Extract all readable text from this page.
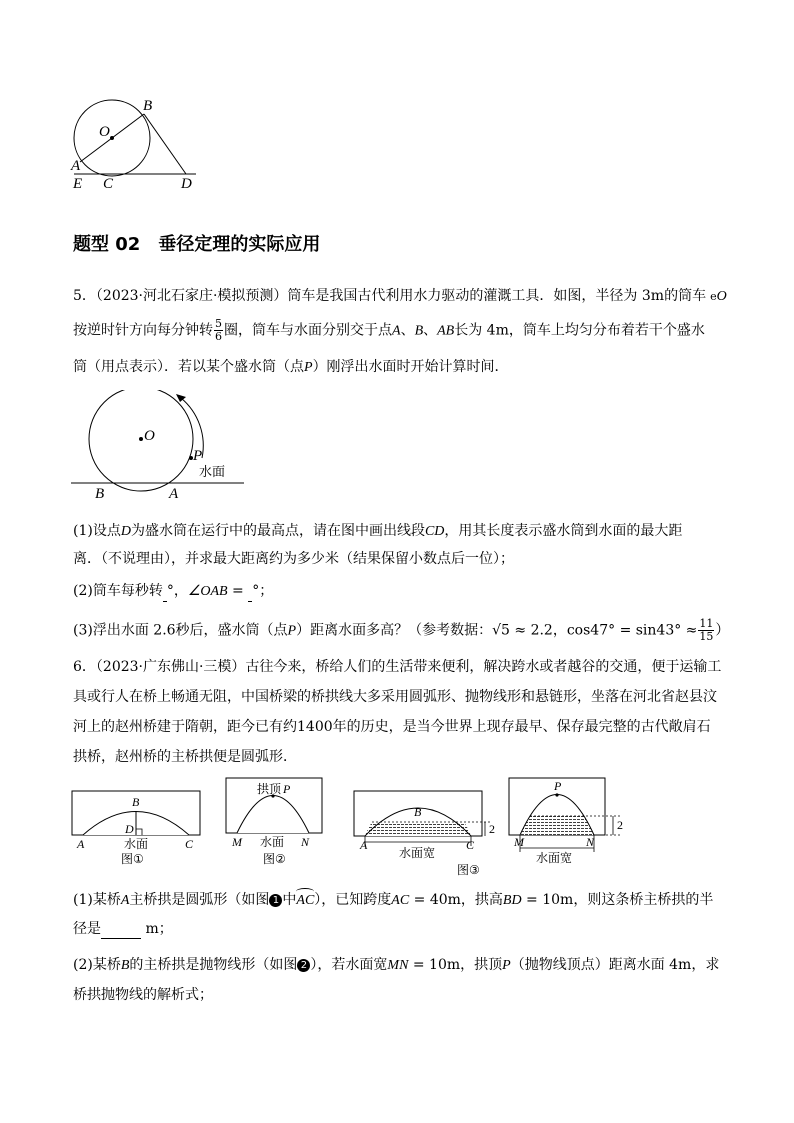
O
B
A
E C	D
题型 02 垂径定理的实际应用
5．（2023·河北石家庄·模拟预测）筒车是我国古代利用水力驱动的灌溉工具．如图，半径为 3m的筒车 eO
按逆时针方向每分钟转 $\frac{5}{6}$ 圈，筒车与水面分别交于点A、B、AB长为 4m，筒车上均匀分布着若干个盛水
筒（用点表示）．若以某个盛水筒（点P）刚浮出水面时开始计算时间．
O
P
水面
B	A
(1)设点D为盛水筒在运行中的最高点，请在图中画出线段CD，用其长度表示盛水筒到水面的最大距
离．（不说理由），并求最大距离约为多少米（结果保留小数点后一位）；
(2)筒车每秒转 °，∠OAB = °；
(3)浮出水面 2.6秒后，盛水筒（点P）距离水面多高？（参考数据：√5 ≈ 2.2，$\cos 47^\circ = \sin 43^\circ \approx \frac{11}{15}$ ）
6．（2023·广东佛山·三模）古往今来，桥给人们的生活带来便利，解决跨水或者越谷的交通，便于运输工
具或行人在桥上畅通无阻，中国桥梁的桥拱线大多采用圆弧形、抛物线形和悬链形，坐落在河北省赵县汶
河上的赵州桥建于隋朝，距今已有约1400年的历史，是当今世界上现存最早、保存最完整的古代敞肩石
拱桥，赵州桥的主桥拱便是圆弧形．
B
D
A	水面	C
图①
拱顶 P
M 水面 N
图②
B
A
水面宽
C
2
图③
P
M	N
水面宽
2
(1)某桥A主桥拱是圆弧形（如图 1 中AC），已知跨度AC = 40m，拱高BD = 10m，则这条桥主桥拱的半
径是	m；
(2)某桥B的主桥拱是抛物线形（如图 2 ），若水面宽MN = 10m，拱顶P（抛物线顶点）距离水面 4m，求
桥拱抛物线的解析式；
